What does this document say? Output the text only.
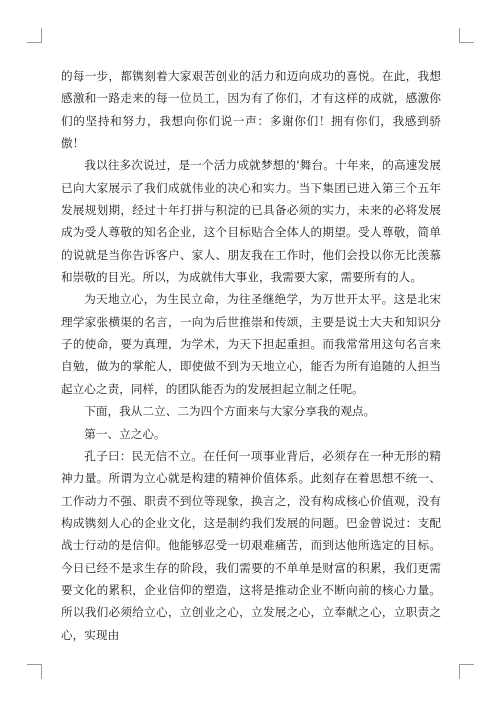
的每一步，都镌刻着大家艰苦创业的活力和迈向成功的喜悦。在此，我想感激和一路走来的每一位员工，因为有了你们，才有这样的成就，感激你们的坚持和努力，我想向你们说一声：多谢你们！拥有你们，我感到骄傲！

我以往多次说过，是一个活力成就梦想的'舞台。十年来，的高速发展已向大家展示了我们成就伟业的决心和实力。当下集团已进入第三个五年发展规划期，经过十年打拼与积淀的已具备必须的实力，未来的必将发展成为受人尊敬的知名企业，这个目标贴合全体人的期望。受人尊敬，简单的说就是当你告诉客户、家人、朋友我在工作时，他们会投以你无比羡慕和崇敬的目光。所以，为成就伟大事业，我需要大家，需要所有的人。

为天地立心，为生民立命，为往圣继绝学，为万世开太平。这是北宋理学家张横渠的名言，一向为后世推崇和传颂，主要是说士大夫和知识分子的使命，要为真理，为学术，为天下担起重担。而我常常用这句名言来自勉，做为的掌舵人，即使做不到为天地立心，能否为所有追随的人担当起立心之责，同样，的团队能否为的发展担起立制之任呢。

下面，我从二立、二为四个方面来与大家分享我的观点。

第一、立之心。

孔子曰：民无信不立。在任何一项事业背后，必须存在一种无形的精神力量。所谓为立心就是构建的精神价值体系。此刻存在着思想不统一、工作动力不强、职责不到位等现象，换言之，没有构成核心价值观，没有构成镌刻人心的企业文化，这是制约我们发展的问题。巴金曾说过：支配战士行动的是信仰。他能够忍受一切艰难痛苦，而到达他所选定的目标。今日已经不是求生存的阶段，我们需要的不单单是财富的积累，我们更需要文化的累积，企业信仰的塑造，这将是推动企业不断向前的核心力量。所以我们必须给立心，立创业之心，立发展之心，立奉献之心，立职责之心，实现由
